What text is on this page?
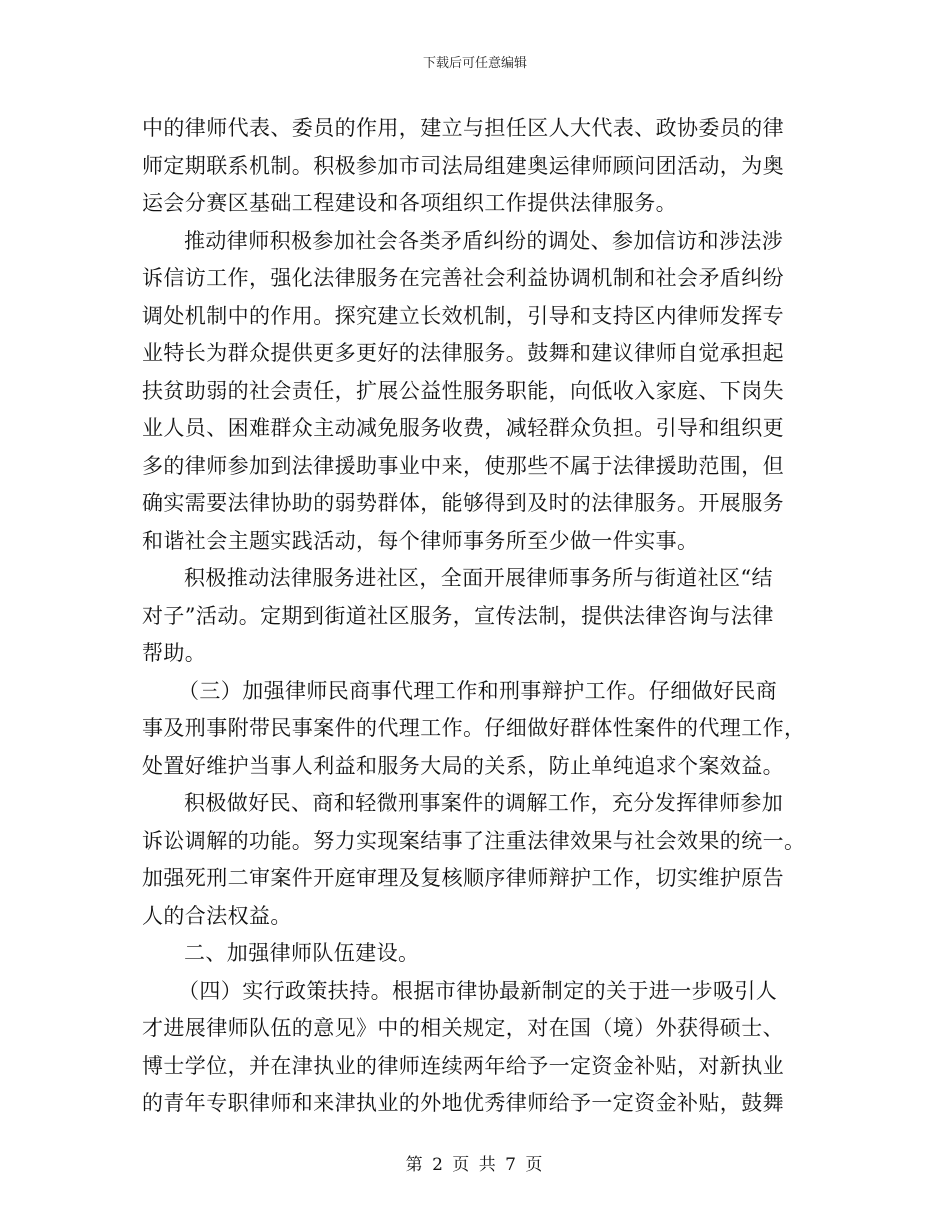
下载后可任意编辑
中的律师代表、委员的作用，建立与担任区人大代表、政协委员的律
师定期联系机制。积极参加市司法局组建奥运律师顾问团活动，为奥
运会分赛区基础工程建设和各项组织工作提供法律服务。
推动律师积极参加社会各类矛盾纠纷的调处、参加信访和涉法涉
诉信访工作，强化法律服务在完善社会利益协调机制和社会矛盾纠纷
调处机制中的作用。探究建立长效机制，引导和支持区内律师发挥专
业特长为群众提供更多更好的法律服务。鼓舞和建议律师自觉承担起
扶贫助弱的社会责任，扩展公益性服务职能，向低收入家庭、下岗失
业人员、困难群众主动减免服务收费，减轻群众负担。引导和组织更
多的律师参加到法律援助事业中来，使那些不属于法律援助范围，但
确实需要法律协助的弱势群体，能够得到及时的法律服务。开展服务
和谐社会主题实践活动，每个律师事务所至少做一件实事。
积极推动法律服务进社区，全面开展律师事务所与街道社区“结
对子”活动。定期到街道社区服务，宣传法制，提供法律咨询与法律
帮助。
（三）加强律师民商事代理工作和刑事辩护工作。仔细做好民商
事及刑事附带民事案件的代理工作。仔细做好群体性案件的代理工作，
处置好维护当事人利益和服务大局的关系，防止单纯追求个案效益。
积极做好民、商和轻微刑事案件的调解工作，充分发挥律师参加
诉讼调解的功能。努力实现案结事了注重法律效果与社会效果的统一。
加强死刑二审案件开庭审理及复核顺序律师辩护工作，切实维护原告
人的合法权益。
二、加强律师队伍建设。
（四）实行政策扶持。根据市律协最新制定的关于进一步吸引人
才进展律师队伍的意见》中的相关规定，对在国（境）外获得硕士、
博士学位，并在津执业的律师连续两年给予一定资金补贴，对新执业
的青年专职律师和来津执业的外地优秀律师给予一定资金补贴，鼓舞
第 2 页 共 7 页
